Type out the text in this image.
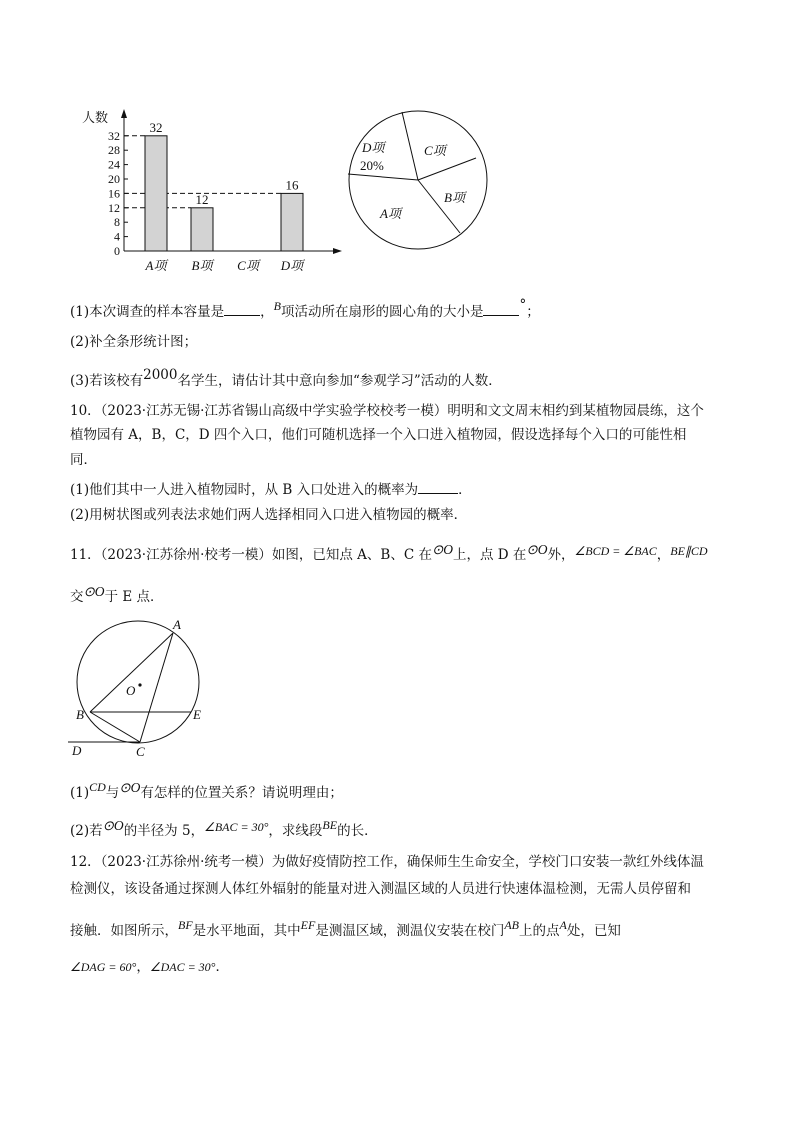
人数
0
4
8
12
16
20
24
28
32
32
A项
12
B项 C项
16
D项
D项
20%
C项
B项
A项
(1)本次调查的样本容量是	，B项活动所在扇形的圆心角的大小是	°；
(2)补全条形统计图；
(3)若该校有2000名学生，请估计其中意向参加“参观学习”活动的人数．
10．（2023·江苏无锡·江苏省锡山高级中学实验学校校考一模）明明和文文周末相约到某植物园晨练，这个
植物园有 A，B，C，D 四个入口，他们可随机选择一个入口进入植物园，假设选择每个入口的可能性相
同．
(1)他们其中一人进入植物园时，从 B 入口处进入的概率为	．
(2)用树状图或列表法求她们两人选择相同入口进入植物园的概率．
11．（2023·江苏徐州·校考一模）如图，已知点 A、B、C 在⊙O上，点 D 在⊙O外，∠BCD = ∠BAC，BE∥CD
交⊙O于 E 点．
A
O
B	E
D	C
(1)CD与⊙O有怎样的位置关系？请说明理由；
(2)若⊙O的半径为 5，∠BAC = 30°，求线段BE的长．
12．（2023·江苏徐州·统考一模）为做好疫情防控工作，确保师生生命安全，学校门口安装一款红外线体温
检测仪，该设备通过探测人体红外辐射的能量对进入测温区域的人员进行快速体温检测，无需人员停留和
接触．如图所示，BF是水平地面，其中EF是测温区域，测温仪安装在校门AB上的点A处，已知
∠DAG = 60°，∠DAC = 30°．
